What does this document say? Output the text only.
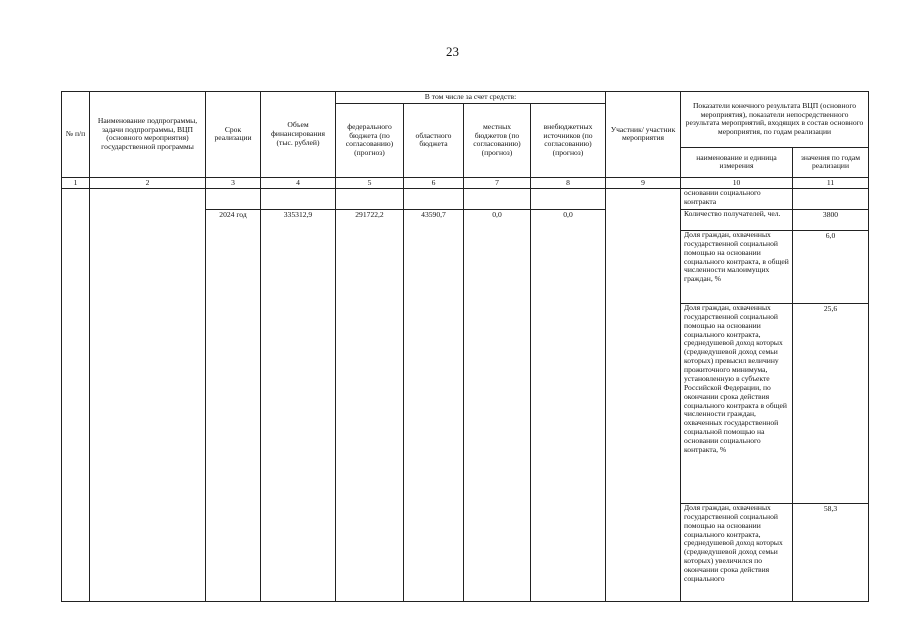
23
№ п/п	Наименование подпрограммы, задачи подпрограммы, ВЦП (основного мероприятия) государственной программы	Срок реализации	Объем финансирования (тыс. рублей)	В том числе за счет средств:				Участник/ участник мероприятия	Показатели конечного результата ВЦП (основного мероприятия), показатели непосредственного результата мероприятий, входящих в состав основного мероприятия, по годам реализации	
				федерального бюджета (по согласованию) (прогноз)	областного бюджета	местных бюджетов (по согласованию) (прогноз)	внебюджетных источников (по согласованию) (прогноз)			
									наименование и единица измерения	значения по годам реализации
1	2	3	4	5	6	7	8	9	10	11
									основании социального контракта	
		2024 год	335312,9	291722,2	43590,7	0,0	0,0		Количество получателей, чел.	3800
									Доля граждан, охваченных государственной социальной помощью на основании социального контракта, в общей численности малоимущих граждан, %	6,0
									Доля граждан, охваченных государственной социальной помощью на основании социального контракта, среднедушевой доход которых (среднедушевой доход семьи которых) превысил величину прожиточного минимума, установленную в субъекте Российской Федерации, по окончании срока действия социального контракта в общей численности граждан, охваченных государственной социальной помощью на основании социального контракта, %	25,6
									Доля граждан, охваченных государственной социальной помощью на основании социального контракта, среднедушевой доход которых (среднедушевой доход семьи которых) увеличился по окончании срока действия социального	58,3
